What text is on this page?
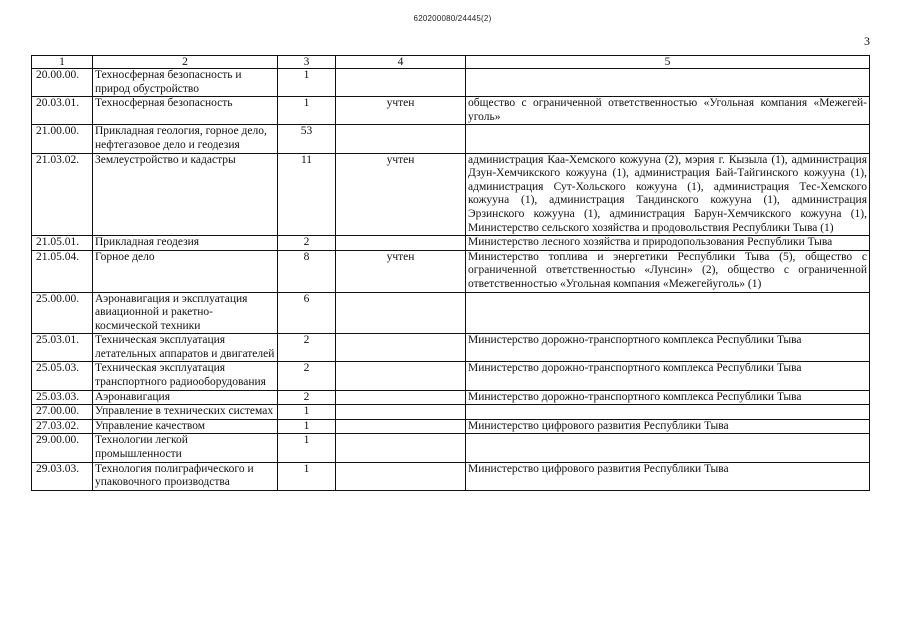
620200080/24445(2)
3
1	2	3	4	5
20.00.00.	Техносферная безопасность и природ обустройство	1		
20.03.01.	Техносферная безопасность	1	учтен	общество с ограниченной ответственностью «Угольная компания «Межегей-уголь»
21.00.00.	Прикладная геология, горное дело, нефтегазовое дело и геодезия	53		
21.03.02.	Землеустройство и кадастры	11	учтен	администрация Каа-Хемского кожууна (2), мэрия г. Кызыла (1), администрация Дзун-Хемчикского кожууна (1), администрация Бай-Тайгинского кожууна (1), администрация Сут-Хольского кожууна (1), администрация Тес-Хемского кожууна (1), администрация Тандинского кожууна (1), администрация Эрзинского кожууна (1), администрация Барун-Хемчикского кожууна (1), Министерство сельского хозяйства и продовольствия Республики Тыва (1)
21.05.01.	Прикладная геодезия	2		Министерство лесного хозяйства и природопользования Республики Тыва
21.05.04.	Горное дело	8	учтен	Министерство топлива и энергетики Республики Тыва (5), общество с ограниченной ответственностью «Лунсин» (2), общество с ограниченной ответственностью «Угольная компания «Межегейуголь» (1)
25.00.00.	Аэронавигация и эксплуатация авиационной и ракетно-космической техники	6		
25.03.01.	Техническая эксплуатация летательных аппаратов и двигателей	2		Министерство дорожно-транспортного комплекса Республики Тыва
25.05.03.	Техническая эксплуатация транспортного радиооборудования	2		Министерство дорожно-транспортного комплекса Республики Тыва
25.03.03.	Аэронавигация	2		Министерство дорожно-транспортного комплекса Республики Тыва
27.00.00.	Управление в технических системах	1		
27.03.02.	Управление качеством	1		Министерство цифрового развития Республики Тыва
29.00.00.	Технологии легкой промышленности	1		
29.03.03.	Технология полиграфического и упаковочного производства	1		Министерство цифрового развития Республики Тыва
